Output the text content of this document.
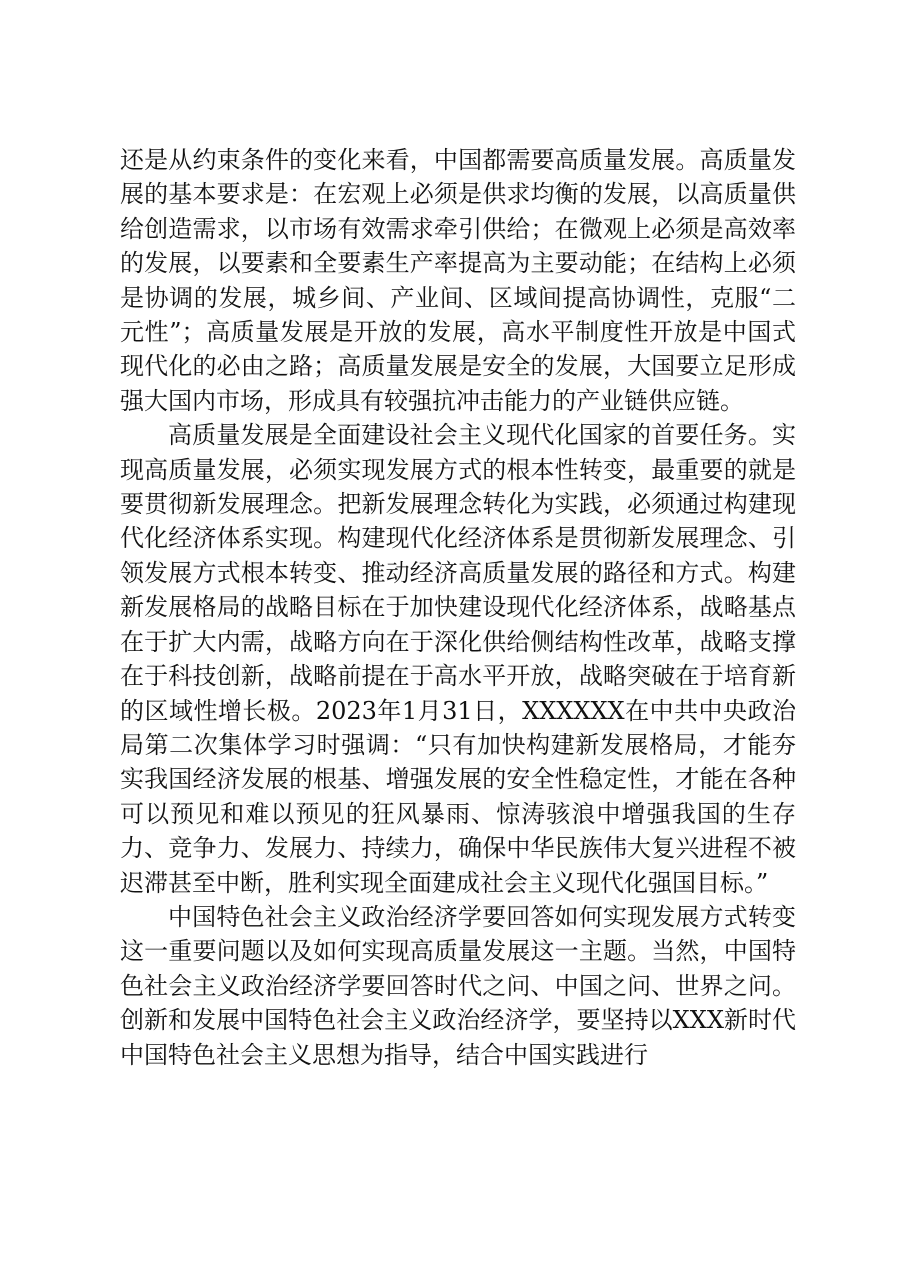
还是从约束条件的变化来看，中国都需要高质量发展。高质量发展的基本要求是：在宏观上必须是供求均衡的发展，以高质量供给创造需求，以市场有效需求牵引供给；在微观上必须是高效率的发展，以要素和全要素生产率提高为主要动能；在结构上必须是协调的发展，城乡间、产业间、区域间提高协调性，克服“二元性”；高质量发展是开放的发展，高水平制度性开放是中国式现代化的必由之路；高质量发展是安全的发展，大国要立足形成强大国内市场，形成具有较强抗冲击能力的产业链供应链。

高质量发展是全面建设社会主义现代化国家的首要任务。实现高质量发展，必须实现发展方式的根本性转变，最重要的就是要贯彻新发展理念。把新发展理念转化为实践，必须通过构建现代化经济体系实现。构建现代化经济体系是贯彻新发展理念、引领发展方式根本转变、推动经济高质量发展的路径和方式。构建新发展格局的战略目标在于加快建设现代化经济体系，战略基点在于扩大内需，战略方向在于深化供给侧结构性改革，战略支撑在于科技创新，战略前提在于高水平开放，战略突破在于培育新的区域性增长极。2023年1月31日，XXXXXX在中共中央政治局第二次集体学习时强调：“只有加快构建新发展格局，才能夯实我国经济发展的根基、增强发展的安全性稳定性，才能在各种可以预见和难以预见的狂风暴雨、惊涛骇浪中增强我国的生存力、竞争力、发展力、持续力，确保中华民族伟大复兴进程不被迟滞甚至中断，胜利实现全面建成社会主义现代化强国目标。”

中国特色社会主义政治经济学要回答如何实现发展方式转变这一重要问题以及如何实现高质量发展这一主题。当然，中国特色社会主义政治经济学要回答时代之问、中国之问、世界之问。创新和发展中国特色社会主义政治经济学，要坚持以XXX新时代中国特色社会主义思想为指导，结合中国实践进行
